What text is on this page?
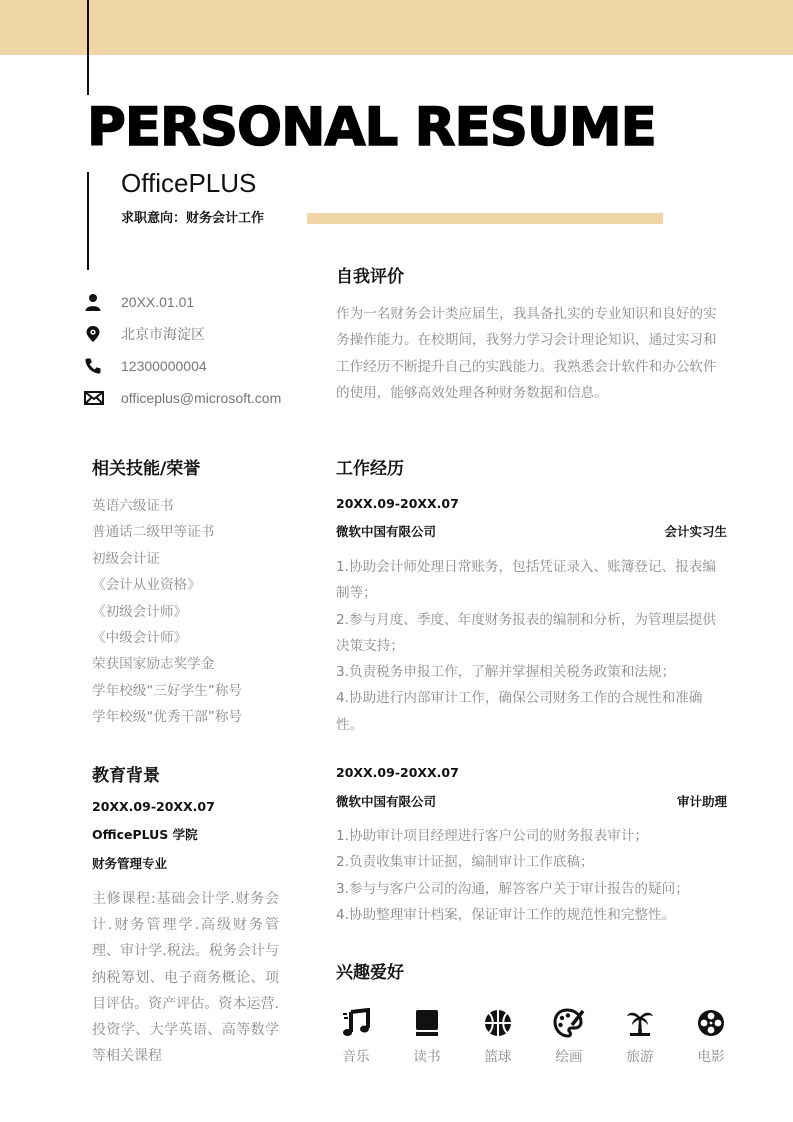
PERSONAL RESUME
OfficePLUS
求职意向：财务会计工作
20XX.01.01
北京市海淀区
12300000004
officeplus@microsoft.com
自我评价
作为一名财务会计类应届生，我具备扎实的专业知识和良好的实务操作能力。在校期间，我努力学习会计理论知识，通过实习和工作经历不断提升自己的实践能力。我熟悉会计软件和办公软件的使用，能够高效处理各种财务数据和信息。
相关技能/荣誉
英语六级证书
普通话二级甲等证书
初级会计证
《会计从业资格》
《初级会计师》
《中级会计师》
荣获国家励志奖学金
学年校级“三好学生”称号
学年校级“优秀干部”称号
教育背景
20XX.09-20XX.07
OfficePLUS 学院
财务管理专业
主修课程:基础会计学.财务会计.财务管理学.高级财务管理、审计学.税法。税务会计与纳税筹划、电子商务概论、项目评估。资产评估。资本运营.投资学、大学英语、高等数学等相关课程
工作经历
20XX.09-20XX.07
微软中国有限公司	会计实习生
1.协助会计师处理日常账务，包括凭证录入、账簿登记、报表编制等；
2.参与月度、季度、年度财务报表的编制和分析，为管理层提供决策支持；
3.负责税务申报工作，了解并掌握相关税务政策和法规；
4.协助进行内部审计工作，确保公司财务工作的合规性和准确性。
20XX.09-20XX.07
微软中国有限公司	审计助理
1.协助审计项目经理进行客户公司的财务报表审计；
2.负责收集审计证据，编制审计工作底稿；
3.参与与客户公司的沟通，解答客户关于审计报告的疑问；
4.协助整理审计档案，保证审计工作的规范性和完整性。
兴趣爱好
音乐	读书	篮球	绘画	旅游	电影
